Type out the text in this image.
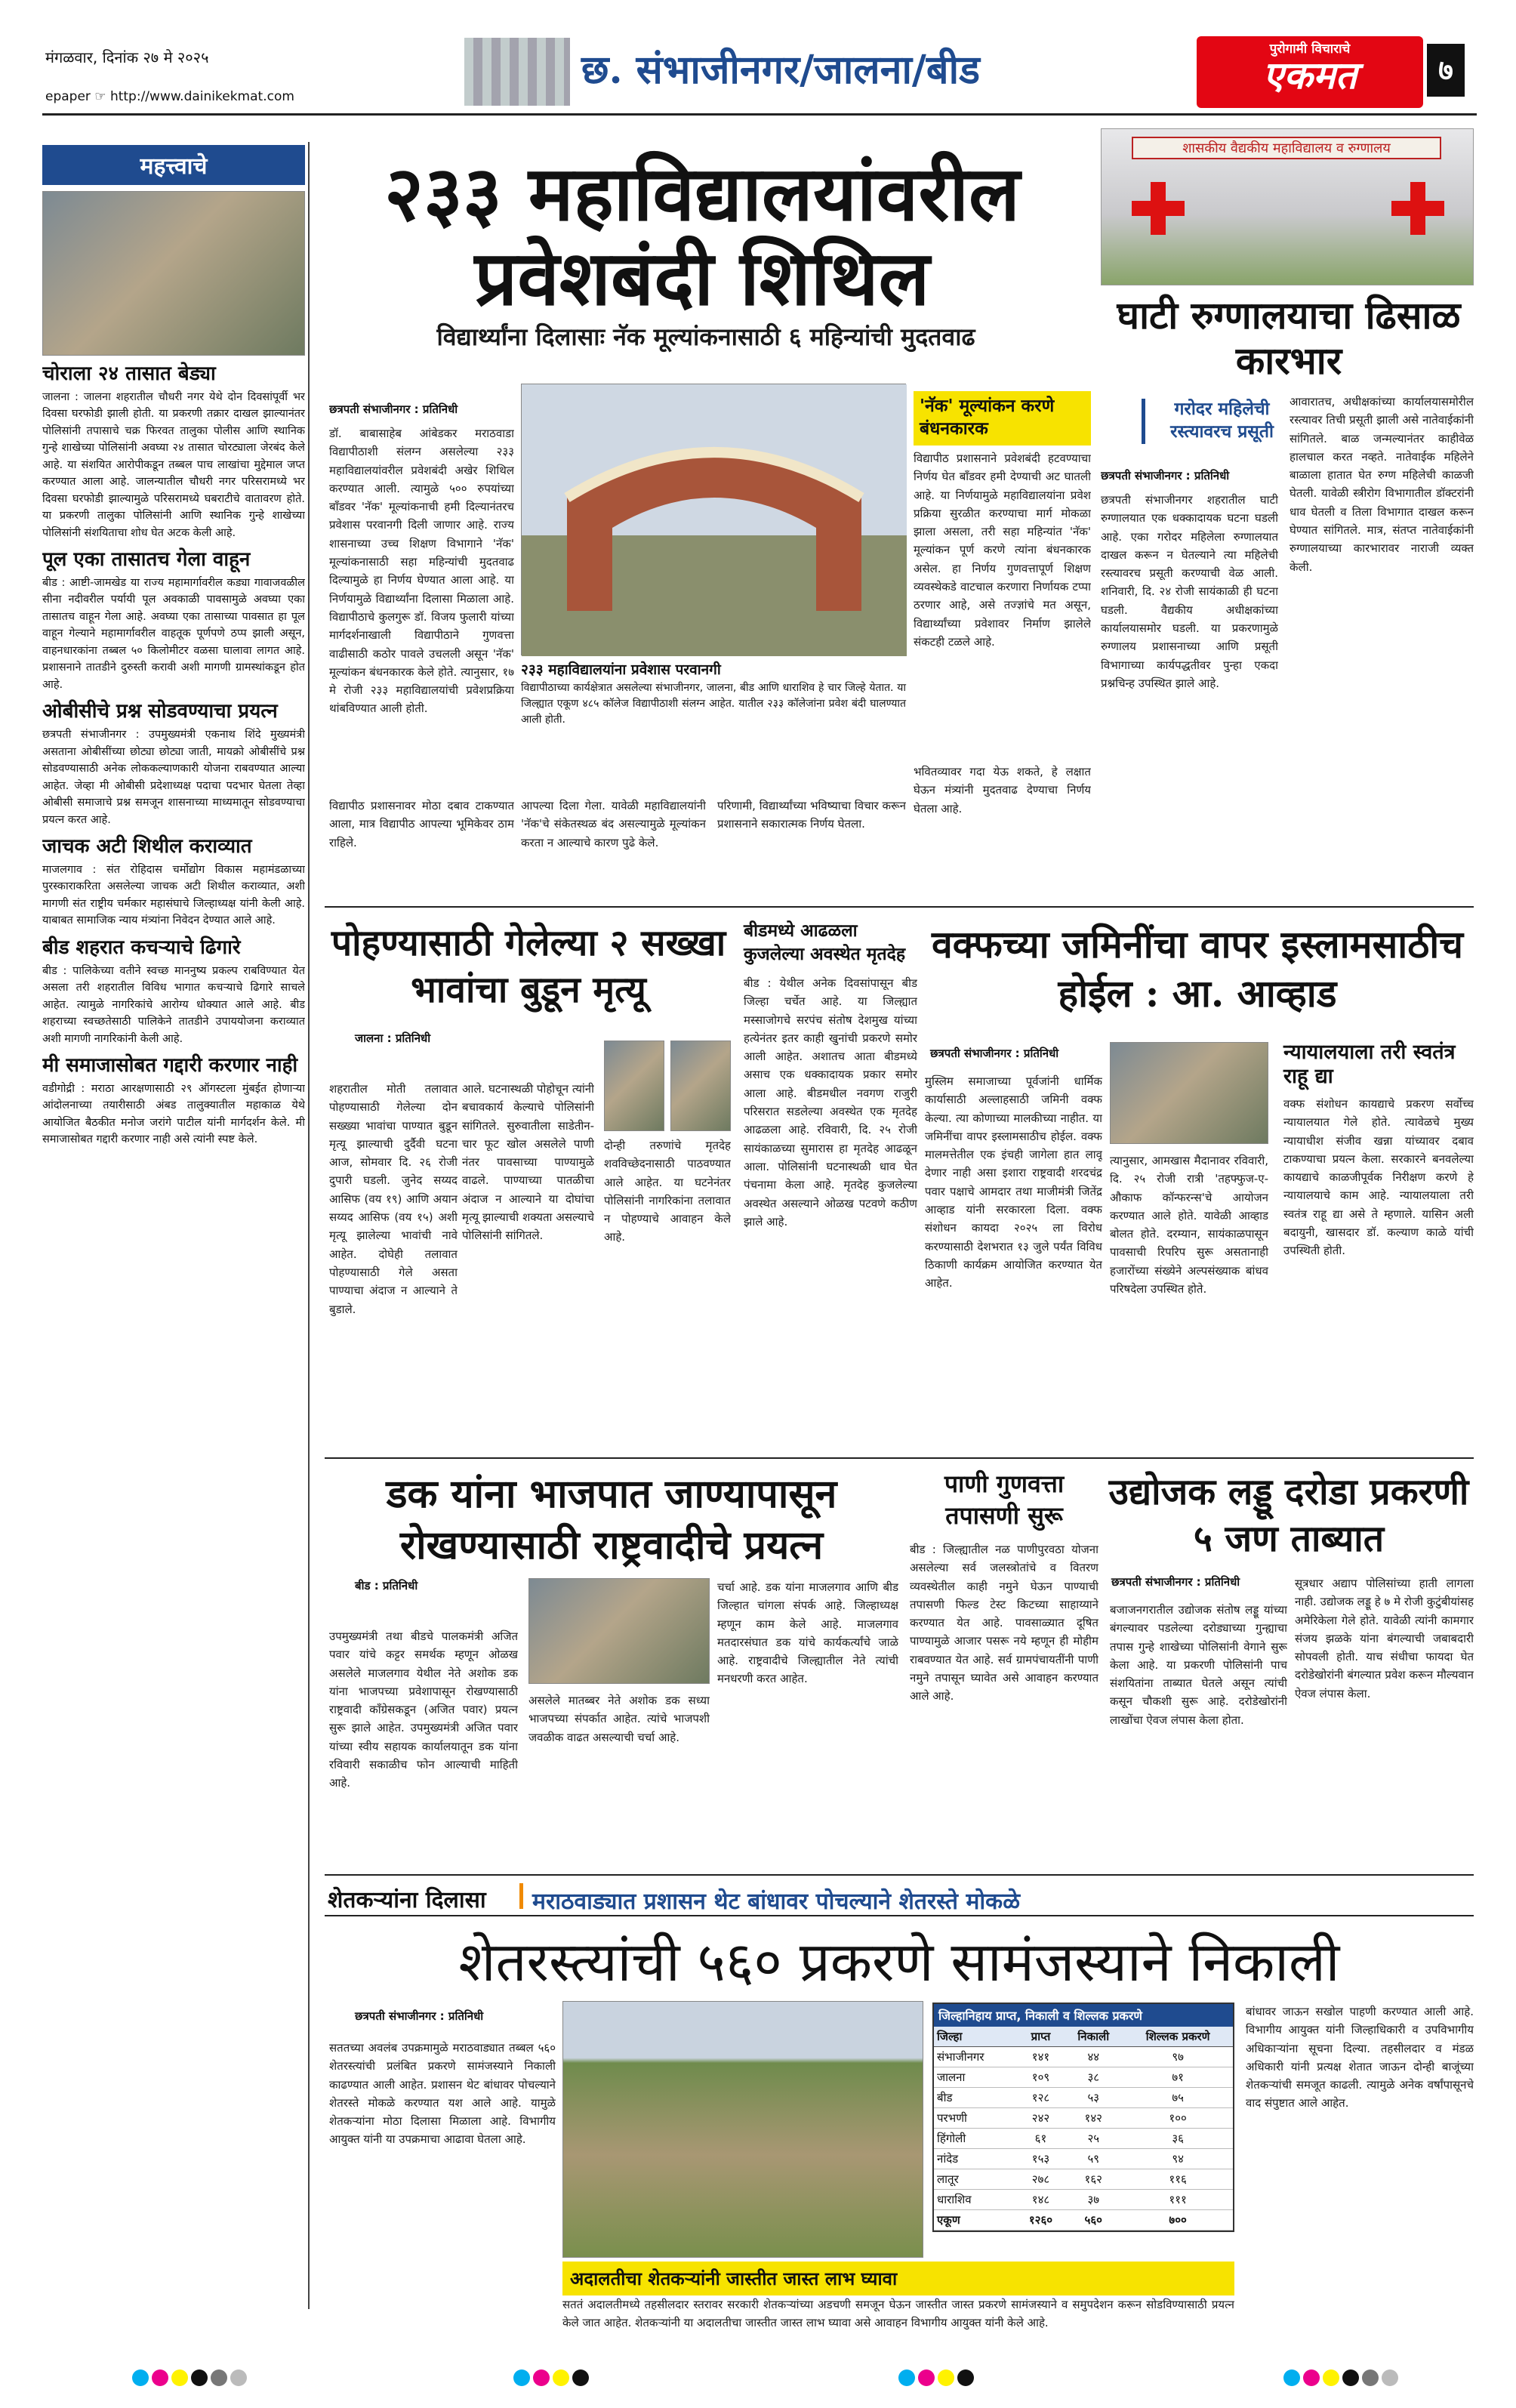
मंगळवार, दिनांक २७ मे २०२५
epaper ☞ http://www.dainikekmat.com
छ. संभाजीनगर/जालना/बीड	पुरोगामी विचाराचे
एकमत	७
महत्त्वाचे
चोराला २४ तासात बेड्या
जालना : जालना शहरातील चौधरी नगर येथे दोन दिवसांपूर्वी भर दिवसा घरफोडी झाली होती. या प्रकरणी तक्रार दाखल झाल्यानंतर पोलिसांनी तपासाचे चक्र फिरवत तालुका पोलीस आणि स्थानिक गुन्हे शाखेच्या पोलिसांनी अवघ्या २४ तासात चोरट्याला जेरबंद केले आहे. या संशयित आरोपीकडून तब्बल पाच लाखांचा मुद्देमाल जप्त करण्यात आला आहे. जालन्यातील चौधरी नगर परिसरामध्ये भर दिवसा घरफोडी झाल्यामुळे परिसरामध्ये घबराटीचे वातावरण होते. या प्रकरणी तालुका पोलिसांनी आणि स्थानिक गुन्हे शाखेच्या पोलिसांनी संशयिताचा शोध घेत अटक केली आहे.
पूल एका तासातच गेला वाहून
बीड : आष्टी-जामखेड या राज्य महामार्गावरील कड्या गावाजवळील सीना नदीवरील पर्यायी पूल अवकाळी पावसामुळे अवघ्या एका तासातच वाहून गेला आहे. अवघ्या एका तासाच्या पावसात हा पूल वाहून गेल्याने महामार्गावरील वाहतूक पूर्णपणे ठप्प झाली असून, वाहनधारकांना तब्बल ५० किलोमीटर वळसा घालावा लागत आहे. प्रशासनाने तातडीने दुरुस्ती करावी अशी मागणी ग्रामस्थांकडून होत आहे.
ओबीसीचे प्रश्न सोडवण्याचा प्रयत्न
छत्रपती संभाजीनगर : उपमुख्यमंत्री एकनाथ शिंदे मुख्यमंत्री असताना ओबीसींच्या छोट्या छोट्या जाती, मायक्रो ओबीसींचे प्रश्न सोडवण्यासाठी अनेक लोककल्याणकारी योजना राबवण्यात आल्या आहेत. जेव्हा मी ओबीसी प्रदेशाध्यक्ष पदाचा पदभार घेतला तेव्हा ओबीसी समाजाचे प्रश्न समजून शासनाच्या माध्यमातून सोडवण्याचा प्रयत्न करत आहे.
जाचक अटी शिथील कराव्यात
माजलगाव : संत रोहिदास चर्मोद्योग विकास महामंडळाच्या पुरस्काराकरिता असलेल्या जाचक अटी शिथील कराव्यात, अशी मागणी संत राष्ट्रीय चर्मकार महासंघाचे जिल्हाध्यक्ष यांनी केली आहे. याबाबत सामाजिक न्याय मंत्र्यांना निवेदन देण्यात आले आहे.
बीड शहरात कचऱ्याचे ढिगारे
बीड : पालिकेच्या वतीने स्वच्छ माननुष्य प्रकल्प राबविण्यात येत असला तरी शहरातील विविध भागात कचऱ्याचे ढिगारे साचले आहेत. त्यामुळे नागरिकांचे आरोग्य धोक्यात आले आहे. बीड शहराच्या स्वच्छतेसाठी पालिकेने तातडीने उपाययोजना कराव्यात अशी मागणी नागरिकांनी केली आहे.
मी समाजासोबत गद्दारी करणार नाही
वडीगोद्री : मराठा आरक्षणासाठी २९ ऑगस्टला मुंबईत होणाऱ्या आंदोलनाच्या तयारीसाठी अंबड तालुक्यातील महाकाळ येथे आयोजित बैठकीत मनोज जरांगे पाटील यांनी मार्गदर्शन केले. मी समाजासोबत गद्दारी करणार नाही असे त्यांनी स्पष्ट केले.
२३३ महाविद्यालयांवरील प्रवेशबंदी शिथिल
विद्यार्थ्यांना दिलासाः नॅक मूल्यांकनासाठी ६ महिन्यांची मुदतवाढ
शासकीय वैद्यकीय महाविद्यालय व रुग्णालय
घाटी रुग्णालयाचा ढिसाळ कारभार
छत्रपती संभाजीनगर : प्रतिनिधी
डॉ. बाबासाहेब आंबेडकर मराठवाडा विद्यापीठाशी संलग्न असलेल्या २३३ महाविद्यालयांवरील प्रवेशबंदी अखेर शिथिल करण्यात आली. त्यामुळे ५०० रुपयांच्या बॉंडवर 'नॅक' मूल्यांकनाची हमी दिल्यानंतरच प्रवेशास परवानगी दिली जाणार आहे. राज्य शासनाच्या उच्च शिक्षण विभागाने 'नॅक' मूल्यांकनासाठी सहा महिन्यांची मुदतवाढ दिल्यामुळे हा निर्णय घेण्यात आला आहे. या निर्णयामुळे विद्यार्थ्यांना दिलासा मिळाला आहे. विद्यापीठाचे कुलगुरू डॉ. विजय फुलारी यांच्या मार्गदर्शनाखाली विद्यापीठाने गुणवत्ता वाढीसाठी कठोर पावले उचलली असून 'नॅक' मूल्यांकन बंधनकारक केले होते. त्यानुसार, १७ मे रोजी २३३ महाविद्यालयांची प्रवेशप्रक्रिया थांबविण्यात आली होती.
२३३ महाविद्यालयांना प्रवेशास परवानगी
विद्यापीठाच्या कार्यक्षेत्रात असलेल्या संभाजीनगर, जालना, बीड आणि धाराशिव हे चार जिल्हे येतात. या जिल्ह्यात एकूण ४८५ कॉलेज विद्यापीठाशी संलग्न आहेत. यातील २३३ कॉलेजांना प्रवेश बंदी घालण्यात आली होती.
विद्यापीठ प्रशासनावर मोठा दबाव टाकण्यात आला, मात्र विद्यापीठ आपल्या भूमिकेवर ठाम राहिले.
आपल्या दिला गेला. यावेळी महाविद्यालयांनी 'नॅक'चे संकेतस्थळ बंद असल्यामुळे मूल्यांकन करता न आल्याचे कारण पुढे केले.
परिणामी, विद्यार्थ्यांच्या भविष्याचा विचार करून प्रशासनाने सकारात्मक निर्णय घेतला.
'नॅक' मूल्यांकन करणे बंधनकारक
विद्यापीठ प्रशासनाने प्रवेशबंदी हटवण्याचा निर्णय घेत बॉंडवर हमी देण्याची अट घातली आहे. या निर्णयामुळे महाविद्यालयांना प्रवेश प्रक्रिया सुरळीत करण्याचा मार्ग मोकळा झाला असला, तरी सहा महिन्यांत 'नॅक' मूल्यांकन पूर्ण करणे त्यांना बंधनकारक असेल. हा निर्णय गुणवत्तापूर्ण शिक्षण व्यवस्थेकडे वाटचाल करणारा निर्णायक टप्पा ठरणार आहे, असे तज्ज्ञांचे मत असून, विद्यार्थ्यांच्या प्रवेशावर निर्माण झालेले संकटही टळले आहे.
भवितव्यावर गदा येऊ शकते, हे लक्षात घेऊन मंत्र्यांनी मुदतवाढ देण्याचा निर्णय घेतला आहे.
गरोदर महिलेची रस्त्यावरच प्रसूती
छत्रपती संभाजीनगर : प्रतिनिधी
छत्रपती संभाजीनगर शहरातील घाटी रुग्णालयात एक धक्कादायक घटना घडली आहे. एका गरोदर महिलेला रुग्णालयात दाखल करून न घेतल्याने त्या महिलेची रस्त्यावरच प्रसूती करण्याची वेळ आली. शनिवारी, दि. २४ रोजी सायंकाळी ही घटना घडली. वैद्यकीय अधीक्षकांच्या कार्यालयासमोर घडली. या प्रकरणामुळे रुग्णालय प्रशासनाच्या आणि प्रसूती विभागाच्या कार्यपद्धतीवर पुन्हा एकदा प्रश्नचिन्ह उपस्थित झाले आहे.
आवारातच, अधीक्षकांच्या कार्यालयासमोरील रस्त्यावर तिची प्रसूती झाली असे नातेवाईकांनी सांगितले. बाळ जन्मल्यानंतर काहीवेळ हालचाल करत नव्हते. नातेवाईक महिलेने बाळाला हातात घेत रुग्ण महिलेची काळजी घेतली. यावेळी स्त्रीरोग विभागातील डॉक्टरांनी धाव घेतली व तिला विभागात दाखल करून घेण्यात सांगितले. मात्र, संतप्त नातेवाईकांनी रुग्णालयाच्या कारभारावर नाराजी व्यक्त केली.
पोहण्यासाठी गेलेल्या २ सख्खा भावांचा बुडून मृत्यू
जालना : प्रतिनिधी
शहरातील मोती तलावात पोहण्यासाठी गेलेल्या दोन सख्ख्या भावांचा पाण्यात बुडून मृत्यू झाल्याची दुर्दैवी घटना आज, सोमवार दि. २६ रोजी दुपारी घडली. जुनेद सय्यद आसिफ (वय १९) आणि अयान सय्यद आसिफ (वय १५) अशी मृत्यू झालेल्या भावांची नावे आहेत. दोघेही तलावात पोहण्यासाठी गेले असता पाण्याचा अंदाज न आल्याने ते बुडाले.
आले. घटनास्थळी पोहोचून त्यांनी बचावकार्य केल्याचे पोलिसांनी सांगितले. सुरुवातीला साडेतीन-चार फूट खोल असलेले पाणी नंतर पावसाच्या पाण्यामुळे वाढले. पाण्याच्या पातळीचा अंदाज न आल्याने या दोघांचा मृत्यू झाल्याची शक्यता असल्याचे पोलिसांनी सांगितले.
दोन्ही तरुणांचे मृतदेह शवविच्छेदनासाठी पाठवण्यात आले आहेत. या घटनेनंतर पोलिसांनी नागरिकांना तलावात न पोहण्याचे आवाहन केले आहे.
बीडमध्ये आढळला कुजलेल्या अवस्थेत मृतदेह
बीड : येथील अनेक दिवसांपासून बीड जिल्हा चर्चेत आहे. या जिल्ह्यात मस्साजोगचे सरपंच संतोष देशमुख यांच्या हत्येनंतर इतर काही खुनांची प्रकरणे समोर आली आहेत. अशातच आता बीडमध्ये असाच एक धक्कादायक प्रकार समोर आला आहे. बीडमधील नवगण राजुरी परिसरात सडलेल्या अवस्थेत एक मृतदेह आढळला आहे. रविवारी, दि. २५ रोजी सायंकाळच्या सुमारास हा मृतदेह आढळून आला. पोलिसांनी घटनास्थळी धाव घेत पंचनामा केला आहे. मृतदेह कुजलेल्या अवस्थेत असल्याने ओळख पटवणे कठीण झाले आहे.
वक्फच्या जमिनींचा वापर इस्लामसाठीच होईल : आ. आव्हाड
छत्रपती संभाजीनगर : प्रतिनिधी
मुस्लिम समाजाच्या पूर्वजांनी धार्मिक कार्यासाठी अल्लाहसाठी जमिनी वक्फ केल्या. त्या कोणाच्या मालकीच्या नाहीत. या जमिनींचा वापर इस्लामसाठीच होईल. वक्फ मालमत्तेतील एक इंचही जागेला हात लावू देणार नाही असा इशारा राष्ट्रवादी शरदचंद्र पवार पक्षाचे आमदार तथा माजीमंत्री जितेंद्र आव्हाड यांनी सरकारला दिला. वक्फ संशोधन कायदा २०२५ ला विरोध करण्यासाठी देशभरात १३ जुले पर्यंत विविध ठिकाणी कार्यक्रम आयोजित करण्यात येत आहेत.
त्यानुसार, आमखास मैदानावर रविवारी, दि. २५ रोजी रात्री 'तहफ्फुज-ए-औकाफ कॉन्फरन्स'चे आयोजन करण्यात आले होते. यावेळी आव्हाड बोलत होते. दरम्यान, सायंकाळपासून पावसाची रिपरिप सुरू असतानाही हजारोंच्या संख्येने अल्पसंख्याक बांधव परिषदेला उपस्थित होते.
न्यायालयाला तरी स्वतंत्र राहू द्या
वक्फ संशोधन कायद्याचे प्रकरण सर्वोच्च न्यायालयात गेले होते. त्यावेळचे मुख्य न्यायाधीश संजीव खन्ना यांच्यावर दबाव टाकण्याचा प्रयत्न केला. सरकारने बनवलेल्या कायद्याचे काळजीपूर्वक निरीक्षण करणे हे न्यायालयाचे काम आहे. न्यायालयाला तरी स्वतंत्र राहू द्या असे ते म्हणाले. यासिन अली बदायुनी, खासदार डॉ. कल्याण काळे यांची उपस्थिती होती.
डक यांना भाजपात जाण्यापासून रोखण्यासाठी राष्ट्रवादीचे प्रयत्न
बीड : प्रतिनिधी
उपमुख्यमंत्री तथा बीडचे पालकमंत्री अजित पवार यांचे कट्टर समर्थक म्हणून ओळख असलेले माजलगाव येथील नेते अशोक डक यांना भाजपच्या प्रवेशापासून रोखण्यासाठी राष्ट्रवादी काँग्रेसकडून (अजित पवार) प्रयत्न सुरू झाले आहेत. उपमुख्यमंत्री अजित पवार यांच्या स्वीय सहायक कार्यालयातून डक यांना रविवारी सकाळीच फोन आल्याची माहिती आहे.
असलेले मातब्बर नेते अशोक डक सध्या भाजपच्या संपर्कात आहेत. त्यांचे भाजपशी जवळीक वाढत असल्याची चर्चा आहे.
चर्चा आहे. डक यांना माजलगाव आणि बीड जिल्हात चांगला संपर्क आहे. जिल्हाध्यक्ष म्हणून काम केले आहे. माजलगाव मतदारसंघात डक यांचे कार्यकर्त्यांचे जाळे आहे. राष्ट्रवादीचे जिल्ह्यातील नेते त्यांची मनधरणी करत आहेत.
पाणी गुणवत्ता तपासणी सुरू
बीड : जिल्ह्यातील नळ पाणीपुरवठा योजना असलेल्या सर्व जलस्त्रोतांचे व वितरण व्यवस्थेतील काही नमुने घेऊन पाण्याची तपासणी फिल्ड टेस्ट किटच्या साहाय्याने करण्यात येत आहे. पावसाळ्यात दूषित पाण्यामुळे आजार पसरू नये म्हणून ही मोहीम राबवण्यात येत आहे. सर्व ग्रामपंचायतींनी पाणी नमुने तपासून घ्यावेत असे आवाहन करण्यात आले आहे.
उद्योजक लड्डू दरोडा प्रकरणी ५ जण ताब्यात
छत्रपती संभाजीनगर : प्रतिनिधी
बजाजनगरातील उद्योजक संतोष लड्डू यांच्या बंगल्यावर पडलेल्या दरोड्याच्या गुन्ह्याचा तपास गुन्हे शाखेच्या पोलिसांनी वेगाने सुरू केला आहे. या प्रकरणी पोलिसांनी पाच संशयितांना ताब्यात घेतले असून त्यांची कसून चौकशी सुरू आहे. दरोडेखोरांनी लाखोंचा ऐवज लंपास केला होता.
सूत्रधार अद्याप पोलिसांच्या हाती लागला नाही. उद्योजक लड्डू हे ७ मे रोजी कुटुंबीयांसह अमेरिकेला गेले होते. यावेळी त्यांनी कामगार संजय झळके यांना बंगल्याची जबाबदारी सोपवली होती. याच संधीचा फायदा घेत दरोडेखोरांनी बंगल्यात प्रवेश करून मौल्यवान ऐवज लंपास केला.
शेतकऱ्यांना दिलासा मराठवाड्यात प्रशासन थेट बांधावर पोचल्याने शेतरस्ते मोकळे
शेतरस्त्यांची ५६० प्रकरणे सामंजस्याने निकाली
छत्रपती संभाजीनगर : प्रतिनिधी
सततच्या अवलंब उपक्रमामुळे मराठवाड्यात तब्बल ५६० शेतरस्त्यांची प्रलंबित प्रकरणे सामंजस्याने निकाली काढण्यात आली आहेत. प्रशासन थेट बांधावर पोचल्याने शेतरस्ते मोकळे करण्यात यश आले आहे. यामुळे शेतकऱ्यांना मोठा दिलासा मिळाला आहे. विभागीय आयुक्त यांनी या उपक्रमाचा आढावा घेतला आहे.
जिल्हानिहाय प्राप्त, निकाली व शिल्लक प्रकरणे
जिल्हा	प्राप्त	निकाली	शिल्लक प्रकरणे
संभाजीनगर	१४१	४४	९७
जालना	१०९	३८	७१
बीड	१२८	५३	७५
परभणी	२४२	१४२	१००
हिंगोली	६१	२५	३६
नांदेड	१५३	५९	९४
लातूर	२७८	१६२	११६
धाराशिव	१४८	३७	१११
एकूण	१२६०	५६०	७००
बांधावर जाऊन सखोल पाहणी करण्यात आली आहे. विभागीय आयुक्त यांनी जिल्हाधिकारी व उपविभागीय अधिकाऱ्यांना सूचना दिल्या. तहसीलदार व मंडळ अधिकारी यांनी प्रत्यक्ष शेतात जाऊन दोन्ही बाजूंच्या शेतकऱ्यांची समजूत काढली. त्यामुळे अनेक वर्षांपासूनचे वाद संपुष्टात आले आहेत.
अदालतीचा शेतकऱ्यांनी जास्तीत जास्त लाभ घ्यावा
सततं अदालतीमध्ये तहसीलदार स्तरावर सरकारी शेतकऱ्यांच्या अडचणी समजून घेऊन जास्तीत जास्त प्रकरणे सामंजस्याने व समुपदेशन करून सोडविण्यासाठी प्रयत्न केले जात आहेत. शेतकऱ्यांनी या अदालतीचा जास्तीत जास्त लाभ घ्यावा असे आवाहन विभागीय आयुक्त यांनी केले आहे.
